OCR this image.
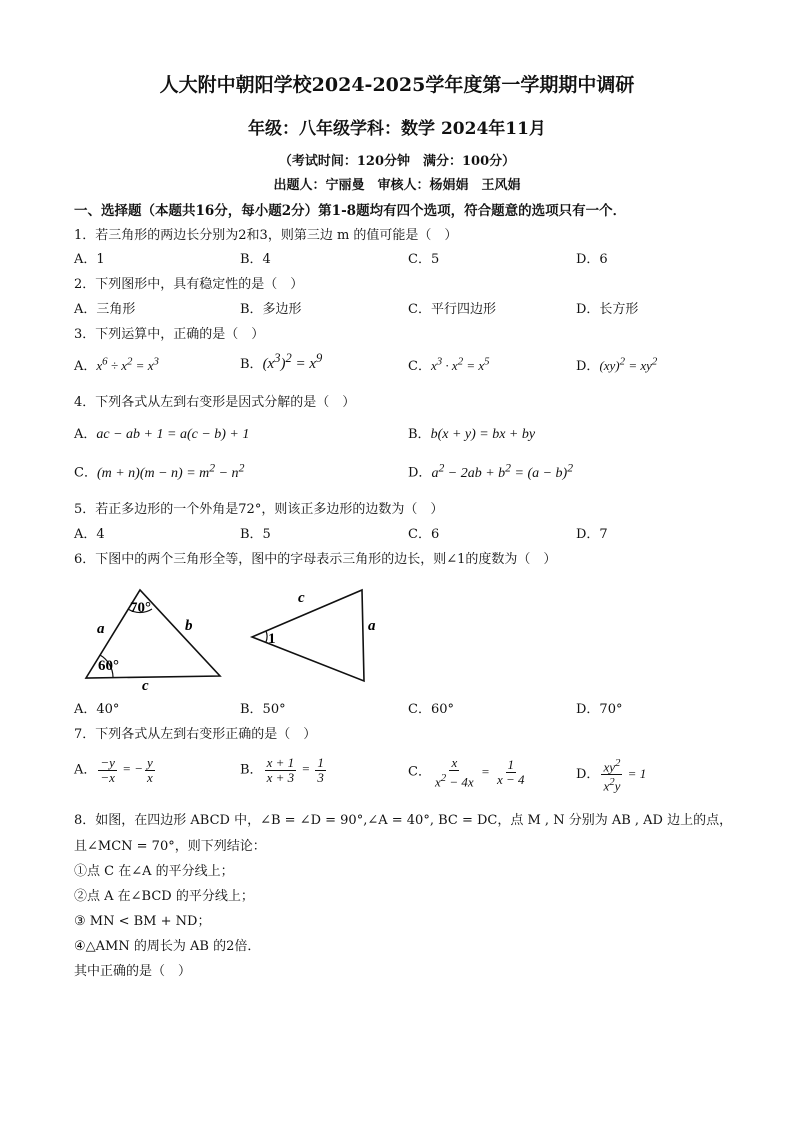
人大附中朝阳学校2024-2025学年度第一学期期中调研
年级：八年级学科：数学 2024年11月
（考试时间：120分钟　满分：100分）
出题人：宁丽曼　审核人：杨娟娟　王风娟
一、选择题（本题共16分，每小题2分）第1-8题均有四个选项，符合题意的选项只有一个．
1．若三角形的两边长分别为2和3，则第三边 m 的值可能是（　）
A．1	B．4	C．5	D．6
2．下列图形中，具有稳定性的是（　）
A．三角形	B．多边形	C．平行四边形	D．长方形
3．下列运算中，正确的是（　）
A．$x^6 \div x^2 = x^3$	B．$(x^3)^2 = x^9$
C．$x^3 \cdot x^2 = x^5$	D．$(xy)^2 = xy^2$
4．下列各式从左到右变形是因式分解的是（　）
A．ac − ab + 1 = a(c − b) + 1	B．b(x + y) = bx + by
C．$(m + n)(m - n) = m^2 - n^2$	D．$a^2 - 2ab + b^2 = (a - b)^2$
5．若正多边形的一个外角是72°，则该正多边形的边数为（　）
A．4	B．5	C．6	D．7
6．下图中的两个三角形全等，图中的字母表示三角形的边长，则∠1的度数为（　）
70°
60°
a	b
c
1
c
a
A．40°	B．50°	C．60°	D．70°
7．下列各式从左到右变形正确的是（　）
A． $\frac{-y}{-x}$ = − $\frac{y}{x}$	B． $\frac{x + 1}{x + 3} = \frac{1}{3}$	C． $\frac{x}{x^2 - 4x} = \frac{1}{x - 4}$	D． $\frac{xy^2}{x^2y} = 1$
8．如图，在四边形 ABCD 中，∠B = ∠D = 90°,∠A = 40°, BC = DC，点 M , N 分别为 AB , AD 边上的点，
且∠MCN = 70°，则下列结论：
①点 C 在∠A 的平分线上；
②点 A 在∠BCD 的平分线上；
③ MN < BM + ND；
④△AMN 的周长为 AB 的2倍．
其中正确的是（　）
